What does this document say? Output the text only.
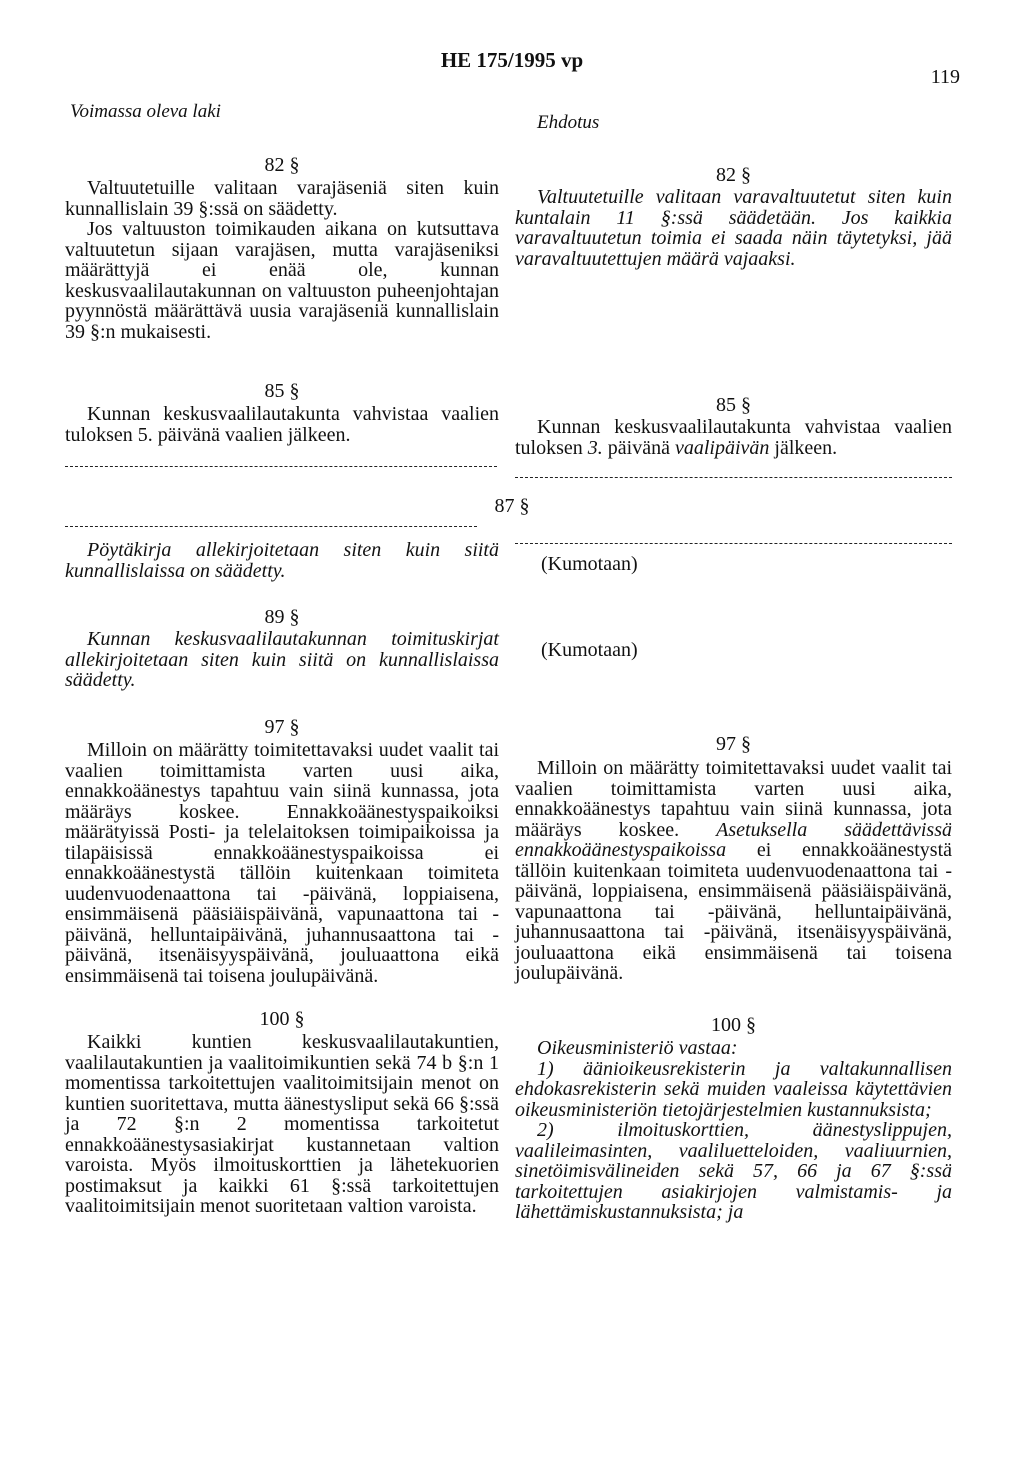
HE 175/1995 vp
119
Voimassa oleva laki
Ehdotus
82 §

Valtuutetuille valitaan varajäseniä siten kuin kunnallislain 39 §:ssä on säädetty.

Jos valtuuston toimikauden aikana on kutsuttava valtuutetun sijaan varajäsen, mutta varajäseniksi määrättyjä ei enää ole, kunnan keskusvaalilautakunnan on valtuuston puheenjohtajan pyynnöstä määrättävä uusia varajäseniä kunnallislain 39 §:n mukaisesti.

82 §

Valtuutetuille valitaan varavaltuutetut siten kuin kuntalain 11 §:ssä säädetään. Jos kaikkia varavaltuutetun toimia ei saada näin täytetyksi, jää varavaltuutettujen määrä vajaaksi.

85 §

Kunnan keskusvaalilautakunta vahvistaa vaalien tuloksen 5. päivänä vaalien jälkeen.

85 §

Kunnan keskusvaalilautakunta vahvistaa vaalien tuloksen 3. päivänä vaalipäivän jälkeen.

87 §

Pöytäkirja allekirjoitetaan siten kuin siitä kunnallislaissa on säädetty.	(Kumotaan)
89 §

Kunnan keskusvaalilautakunnan toimituskirjat allekirjoitetaan siten kuin siitä on kunnallislaissa säädetty.

(Kumotaan)
97 §

Milloin on määrätty toimitettavaksi uudet vaalit tai vaalien toimittamista varten uusi aika, ennakkoäänestys tapahtuu vain siinä kunnassa, jota määräys koskee. Ennakkoäänestyspaikoiksi määrätyissä Posti- ja telelaitoksen toimipaikoissa ja tilapäisissä ennakkoäänestyspaikoissa ei ennakkoäänestystä tällöin kuitenkaan toimiteta uudenvuodenaattona tai -päivänä, loppiaisena, ensimmäisenä pääsiäispäivänä, vapunaattona tai -päivänä, helluntaipäivänä, juhannusaattona tai -päivänä, itsenäisyyspäivänä, jouluaattona eikä ensimmäisenä tai toisena joulupäivänä.

97 §

Milloin on määrätty toimitettavaksi uudet vaalit tai vaalien toimittamista varten uusi aika, ennakkoäänestys tapahtuu vain siinä kunnassa, jota määräys koskee. Asetuksella säädettävissä ennakkoäänestyspaikoissa ei ennakkoäänestystä tällöin kuitenkaan toimiteta uudenvuodenaattona tai -päivänä, loppiaisena, ensimmäisenä pääsiäispäivänä, vapunaattona tai -päivänä, helluntaipäivänä, juhannusaattona tai -päivänä, itsenäisyyspäivänä, jouluaattona eikä ensimmäisenä tai toisena joulupäivänä.

100 §

Kaikki kuntien keskusvaalilautakuntien, vaalilautakuntien ja vaalitoimikuntien sekä 74 b §:n 1 momentissa tarkoitettujen vaalitoimitsijain menot on kuntien suoritettava, mutta äänestysliput sekä 66 §:ssä ja 72 §:n 2 momentissa tarkoitetut ennakkoäänestysasiakirjat kustannetaan valtion varoista. Myös ilmoituskorttien ja lähetekuorien postimaksut ja kaikki 61 §:ssä tarkoitettujen vaalitoimitsijain menot suoritetaan valtion varoista.

100 §

Oikeusministeriö vastaa:

1) äänioikeusrekisterin ja valtakunnallisen ehdokasrekisterin sekä muiden vaaleissa käytettävien oikeusministeriön tietojärjestelmien kustannuksista;

2) ilmoituskorttien, äänestyslippujen, vaalileimasinten, vaaliluetteloiden, vaaliuurnien, sinetöimisvälineiden sekä 57, 66 ja 67 §:ssä tarkoitettujen asiakirjojen valmistamis- ja lähettämiskustannuksista; ja
